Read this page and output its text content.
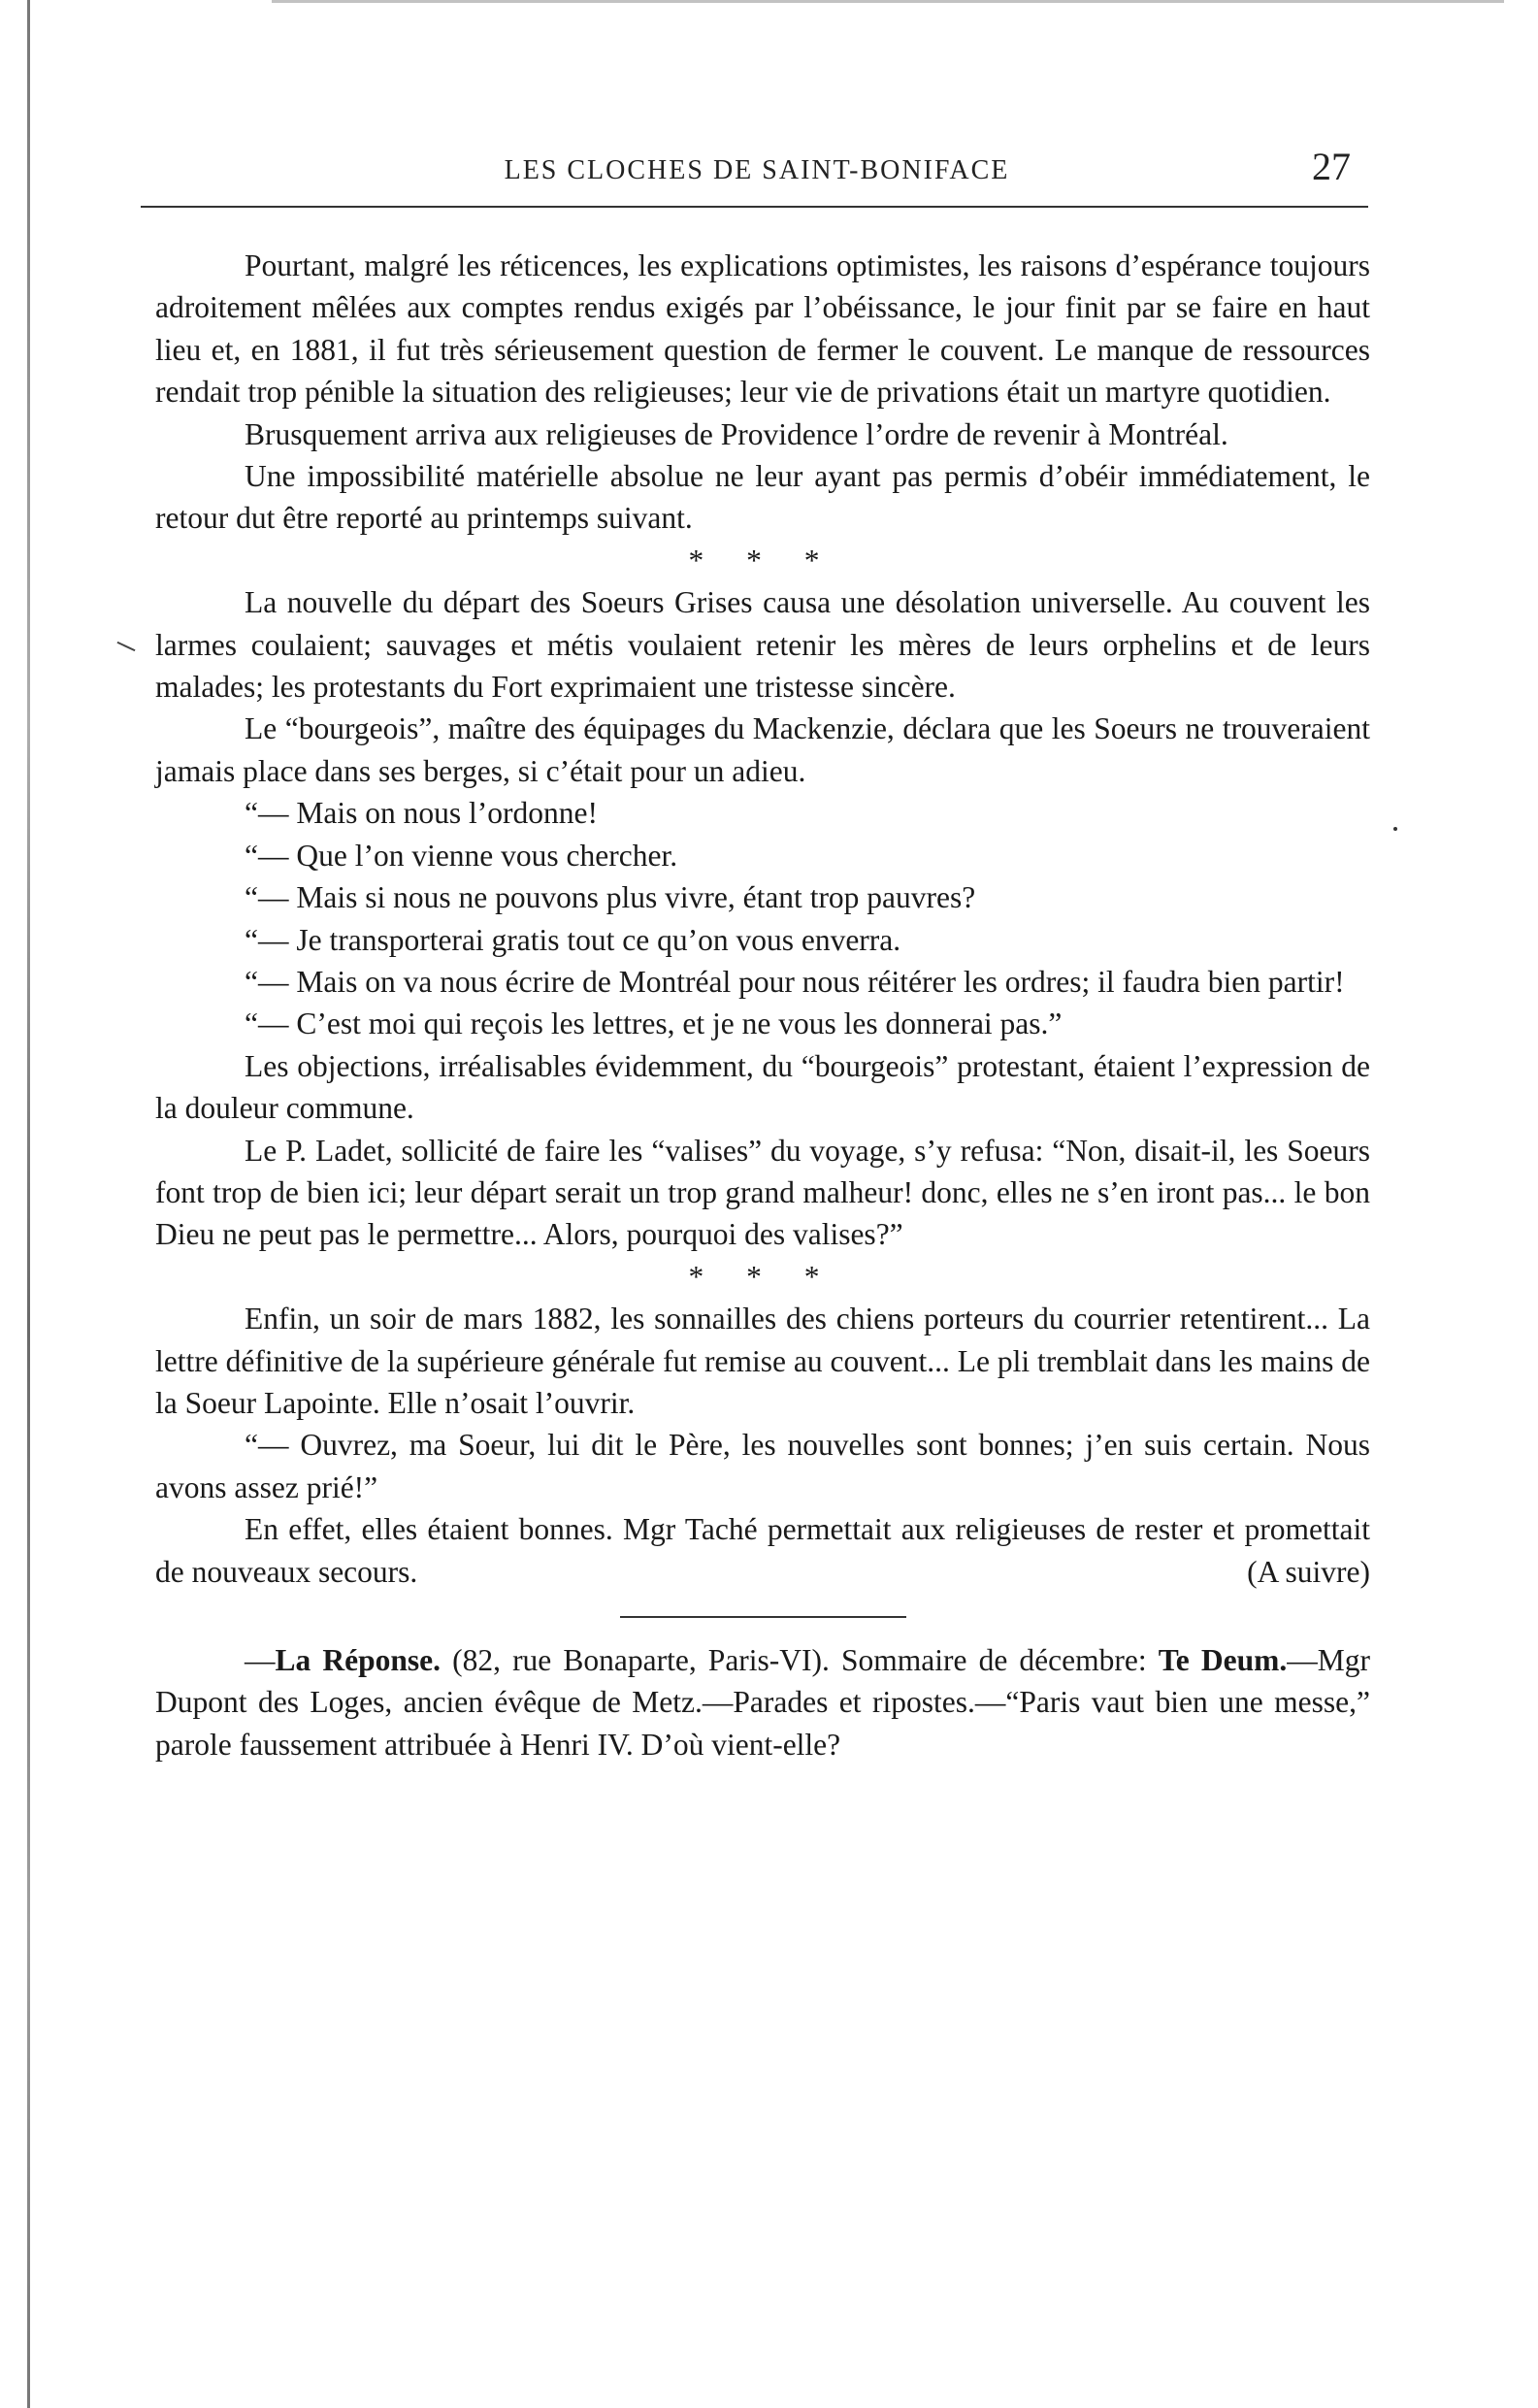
LES CLOCHES DE SAINT-BONIFACE	27

Pourtant, malgré les réticences, les explications optimistes, les raisons d’espérance toujours adroitement mêlées aux comptes rendus exigés par l’obéissance, le jour finit par se faire en haut lieu et, en 1881, il fut très sérieusement question de fermer le couvent. Le manque de ressources rendait trop pénible la situation des religieuses; leur vie de privations était un martyre quotidien.

Brusquement arriva aux religieuses de Providence l’ordre de revenir à Montréal.

Une impossibilité matérielle absolue ne leur ayant pas permis d’obéir immédiatement, le retour dut être reporté au printemps suivant.

* * *

La nouvelle du départ des Soeurs Grises causa une désolation universelle. Au couvent les larmes coulaient; sauvages et métis voulaient retenir les mères de leurs orphelins et de leurs malades; les protestants du Fort exprimaient une tristesse sincère.

Le “bourgeois”, maître des équipages du Mackenzie, déclara que les Soeurs ne trouveraient jamais place dans ses berges, si c’était pour un adieu.

“— Mais on nous l’ordonne!

“— Que l’on vienne vous chercher.

“— Mais si nous ne pouvons plus vivre, étant trop pauvres?

“— Je transporterai gratis tout ce qu’on vous enverra.

“— Mais on va nous écrire de Montréal pour nous réitérer les ordres; il faudra bien partir!

“— C’est moi qui reçois les lettres, et je ne vous les donnerai pas.”

Les objections, irréalisables évidemment, du “bourgeois” protestant, étaient l’expression de la douleur commune.

Le P. Ladet, sollicité de faire les “valises” du voyage, s’y refusa: “Non, disait-il, les Soeurs font trop de bien ici; leur départ serait un trop grand malheur! donc, elles ne s’en iront pas... le bon Dieu ne peut pas le permettre... Alors, pourquoi des valises?”

* * *

Enfin, un soir de mars 1882, les sonnailles des chiens porteurs du courrier retentirent... La lettre définitive de la supérieure générale fut remise au couvent... Le pli tremblait dans les mains de la Soeur Lapointe. Elle n’osait l’ouvrir.

“— Ouvrez, ma Soeur, lui dit le Père, les nouvelles sont bonnes; j’en suis certain. Nous avons assez prié!”

En effet, elles étaient bonnes. Mgr Taché permettait aux religieuses de rester et promettait de nouveaux secours.	(A suivre)

—La Réponse. (82, rue Bonaparte, Paris-VI). Sommaire de décembre: Te Deum.—Mgr Dupont des Loges, ancien évêque de Metz.—Parades et ripostes.—“Paris vaut bien une messe,” parole faussement attribuée à Henri IV. D’où vient-elle?
